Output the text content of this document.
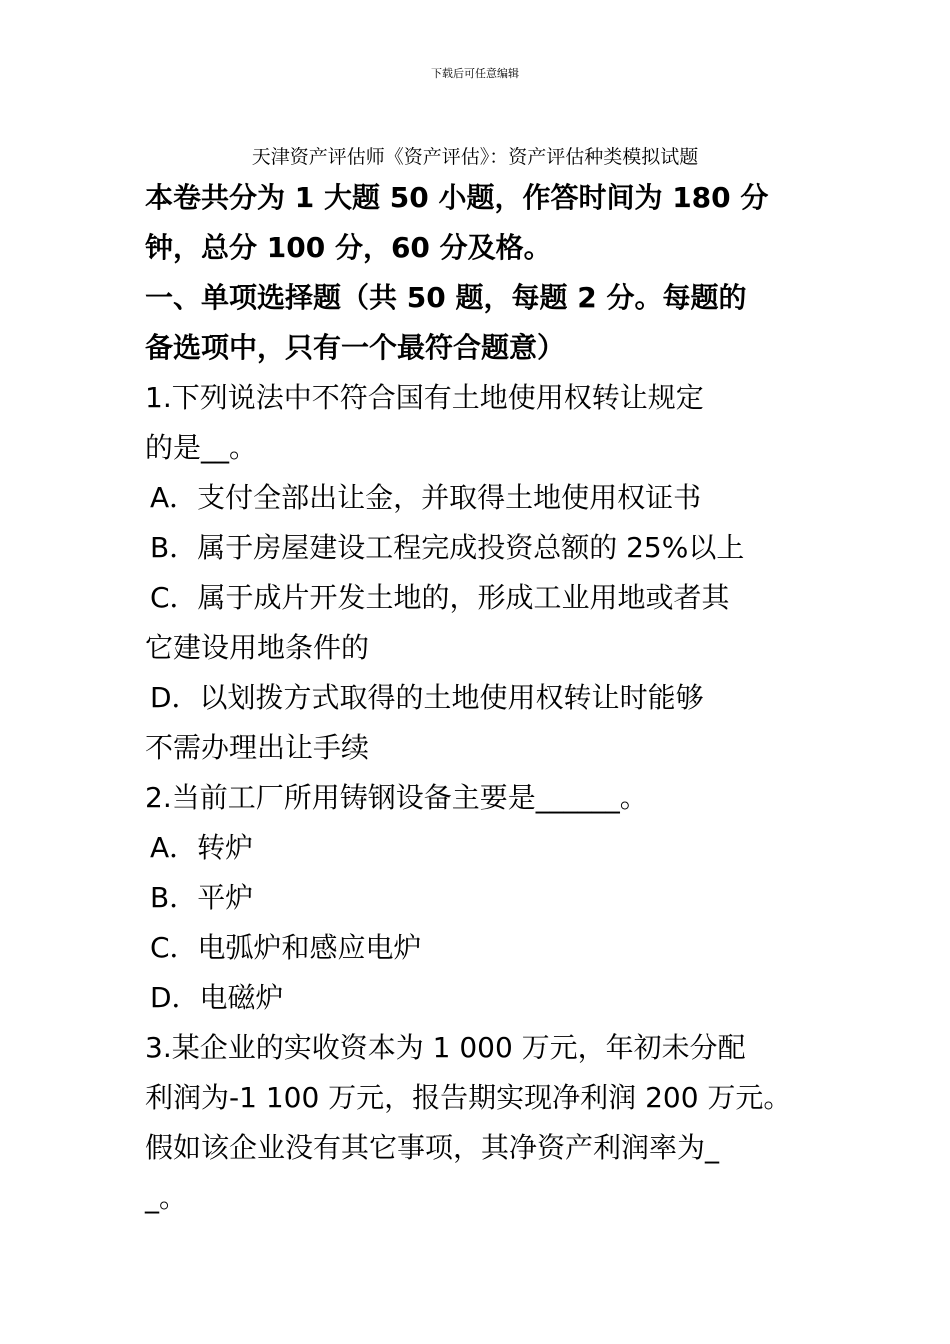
下载后可任意编辑
天津资产评估师《资产评估》：资产评估种类模拟试题
本卷共分为 1 大题 50 小题，作答时间为 180 分
钟，总分 100 分，60 分及格。
一、单项选择题（共 50 题，每题 2 分。每题的
备选项中，只有一个最符合题意）
1.下列说法中不符合国有土地使用权转让规定
的是__。
A．支付全部出让金，并取得土地使用权证书
B．属于房屋建设工程完成投资总额的 25%以上
C．属于成片开发土地的，形成工业用地或者其
它建设用地条件的
D．以划拨方式取得的土地使用权转让时能够
不需办理出让手续
2.当前工厂所用铸钢设备主要是______。
A．转炉
B．平炉
C．电弧炉和感应电炉
D．电磁炉
3.某企业的实收资本为 1 000 万元，年初未分配
利润为-1 100 万元，报告期实现净利润 200 万元。
假如该企业没有其它事项，其净资产利润率为_
_。
